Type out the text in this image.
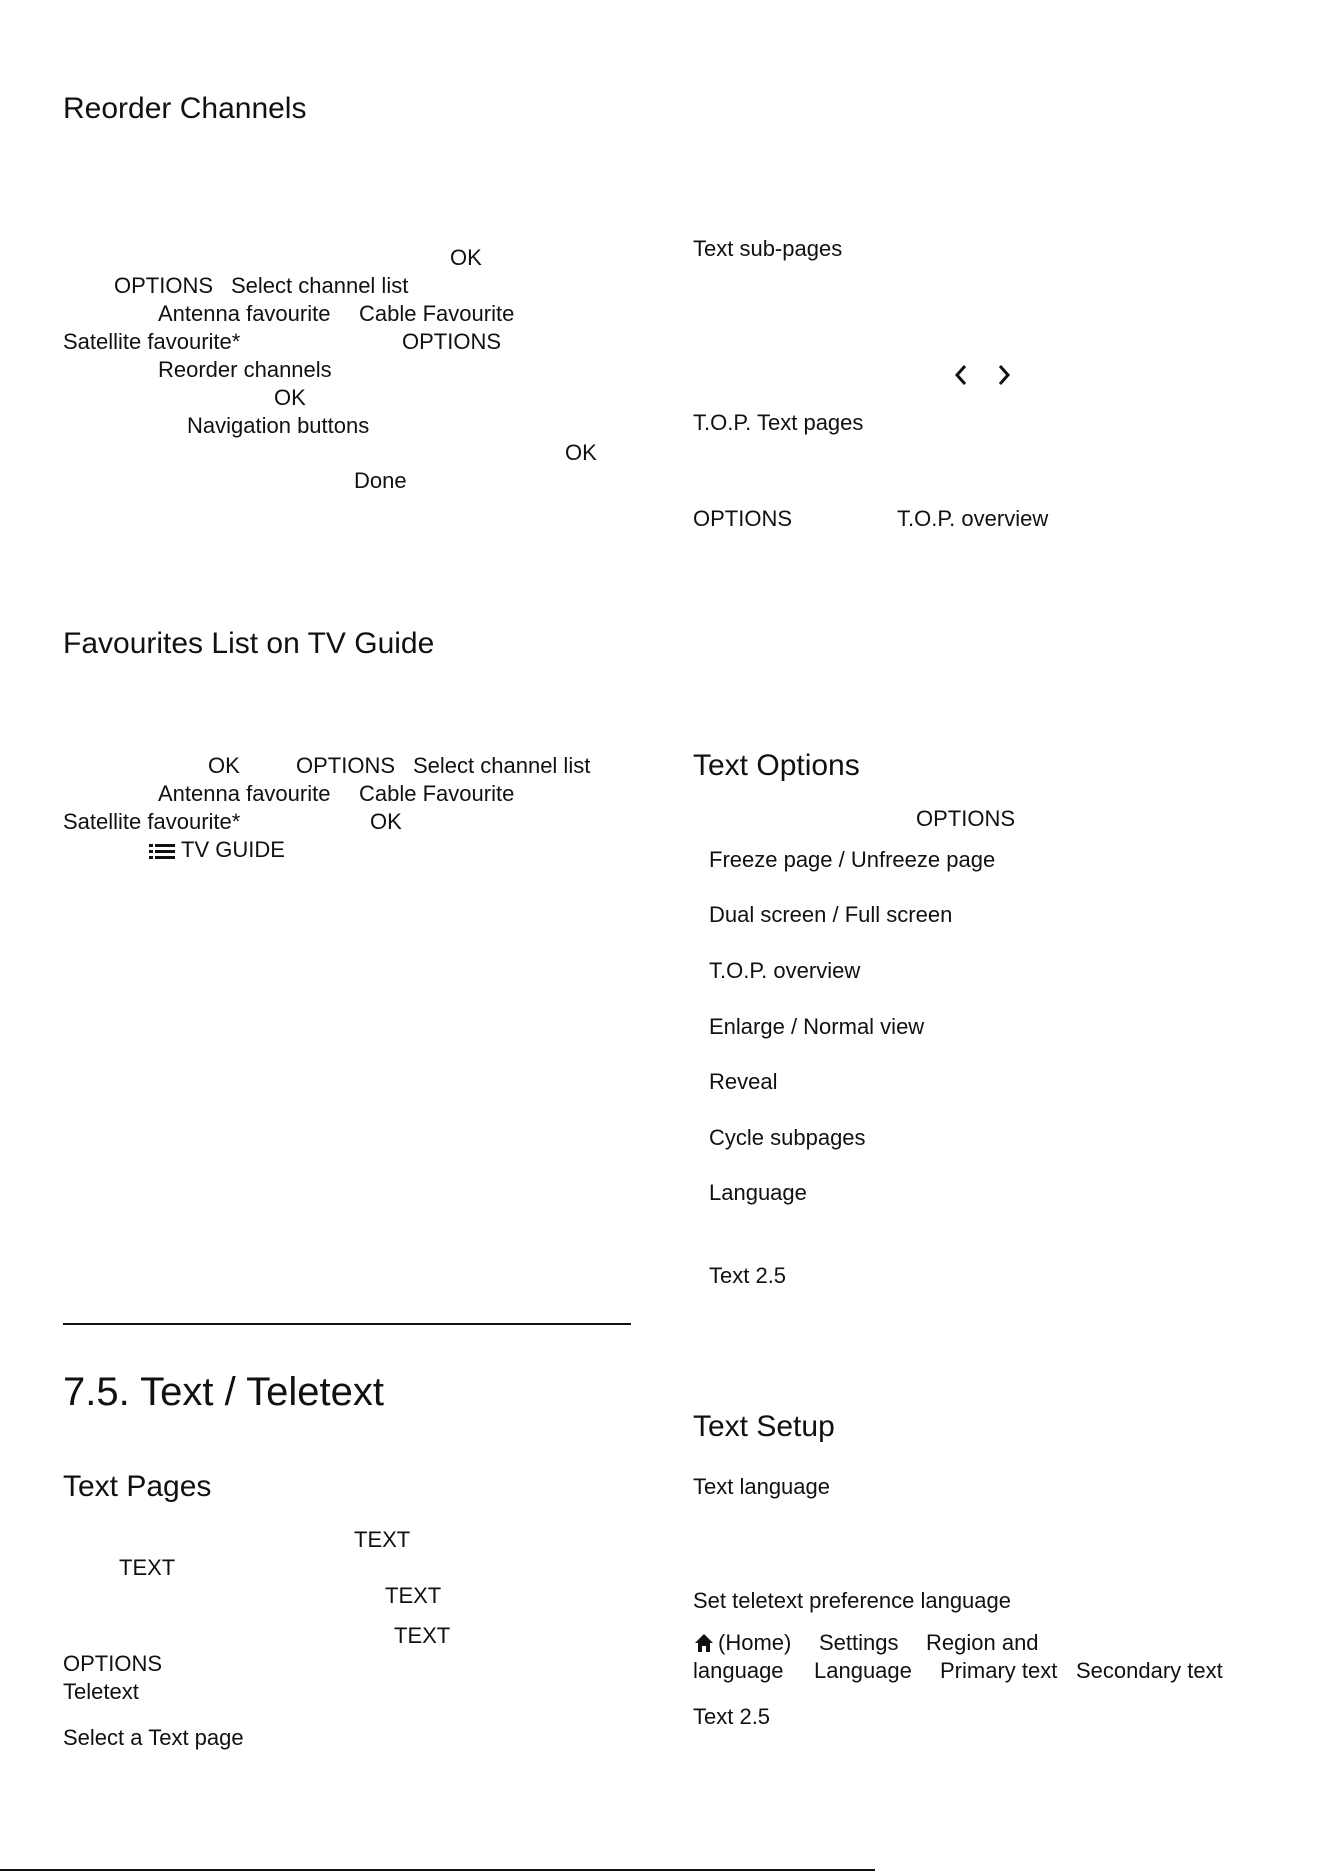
Reorder Channels
OK
OPTIONS Select channel list
Antenna favourite Cable Favourite
Satellite favourite*	OPTIONS
Reorder channels
OK
Navigation buttons
OK
Done
Favourites List on TV Guide
OK	OPTIONS Select channel list
Antenna favourite Cable Favourite
Satellite favourite*	OK
TV GUIDE
7.5. Text / Teletext
Text Pages
TEXT
TEXT
TEXT
TEXT
OPTIONS
Teletext
Select a Text page
Text sub-pages
T.O.P. Text pages
OPTIONS	T.O.P. overview
Text Options
OPTIONS
Freeze page / Unfreeze page
Dual screen / Full screen
T.O.P. overview
Enlarge / Normal view
Reveal
Cycle subpages
Language
Text 2.5
Text Setup
Text language
Set teletext preference language
(Home) Settings Region and
language Language Primary text Secondary text
Text 2.5
